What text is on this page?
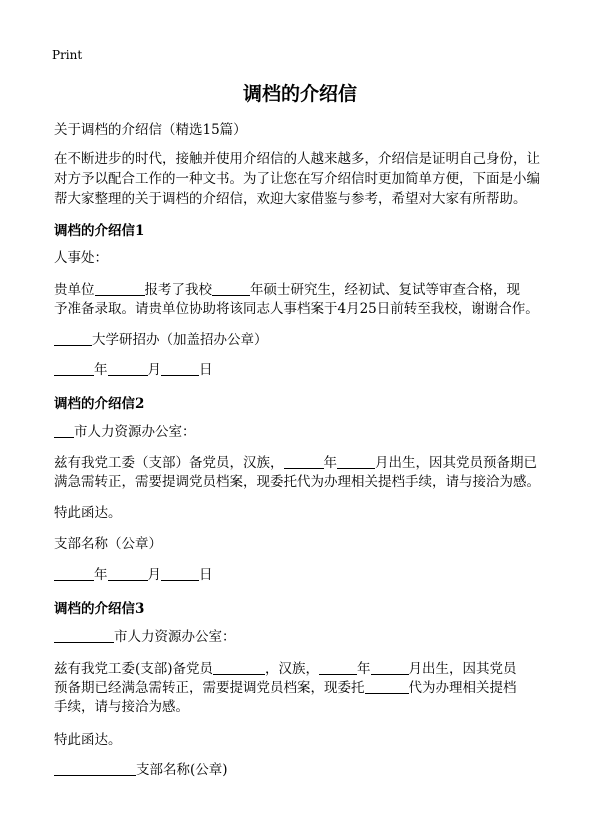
Print
调档的介绍信
关于调档的介绍信（精选15篇）
在不断进步的时代，接触并使用介绍信的人越来越多，介绍信是证明自己身份，让
对方予以配合工作的一种文书。为了让您在写介绍信时更加简单方便，下面是小编
帮大家整理的关于调档的介绍信，欢迎大家借鉴与参考，希望对大家有所帮助。
调档的介绍信1
人事处：
贵单位	报考了我校	年硕士研究生，经初试、复试等审查合格，现
予准备录取。请贵单位协助将该同志人事档案于4月25日前转至我校，谢谢合作。
大学研招办（加盖招办公章）
年	月	日
调档的介绍信2
市人力资源办公室：
兹有我党工委（支部）备党员，汉族，	年	月出生，因其党员预备期已
满急需转正，需要提调党员档案，现委托代为办理相关提档手续，请与接洽为感。
特此函达。
支部名称（公章）
年	月	日
调档的介绍信3
市人力资源办公室：
兹有我党工委(支部)备党员	，汉族，	年	月出生，因其党员
预备期已经满急需转正，需要提调党员档案，现委托	代为办理相关提档
手续，请与接洽为感。
特此函达。
支部名称(公章)
